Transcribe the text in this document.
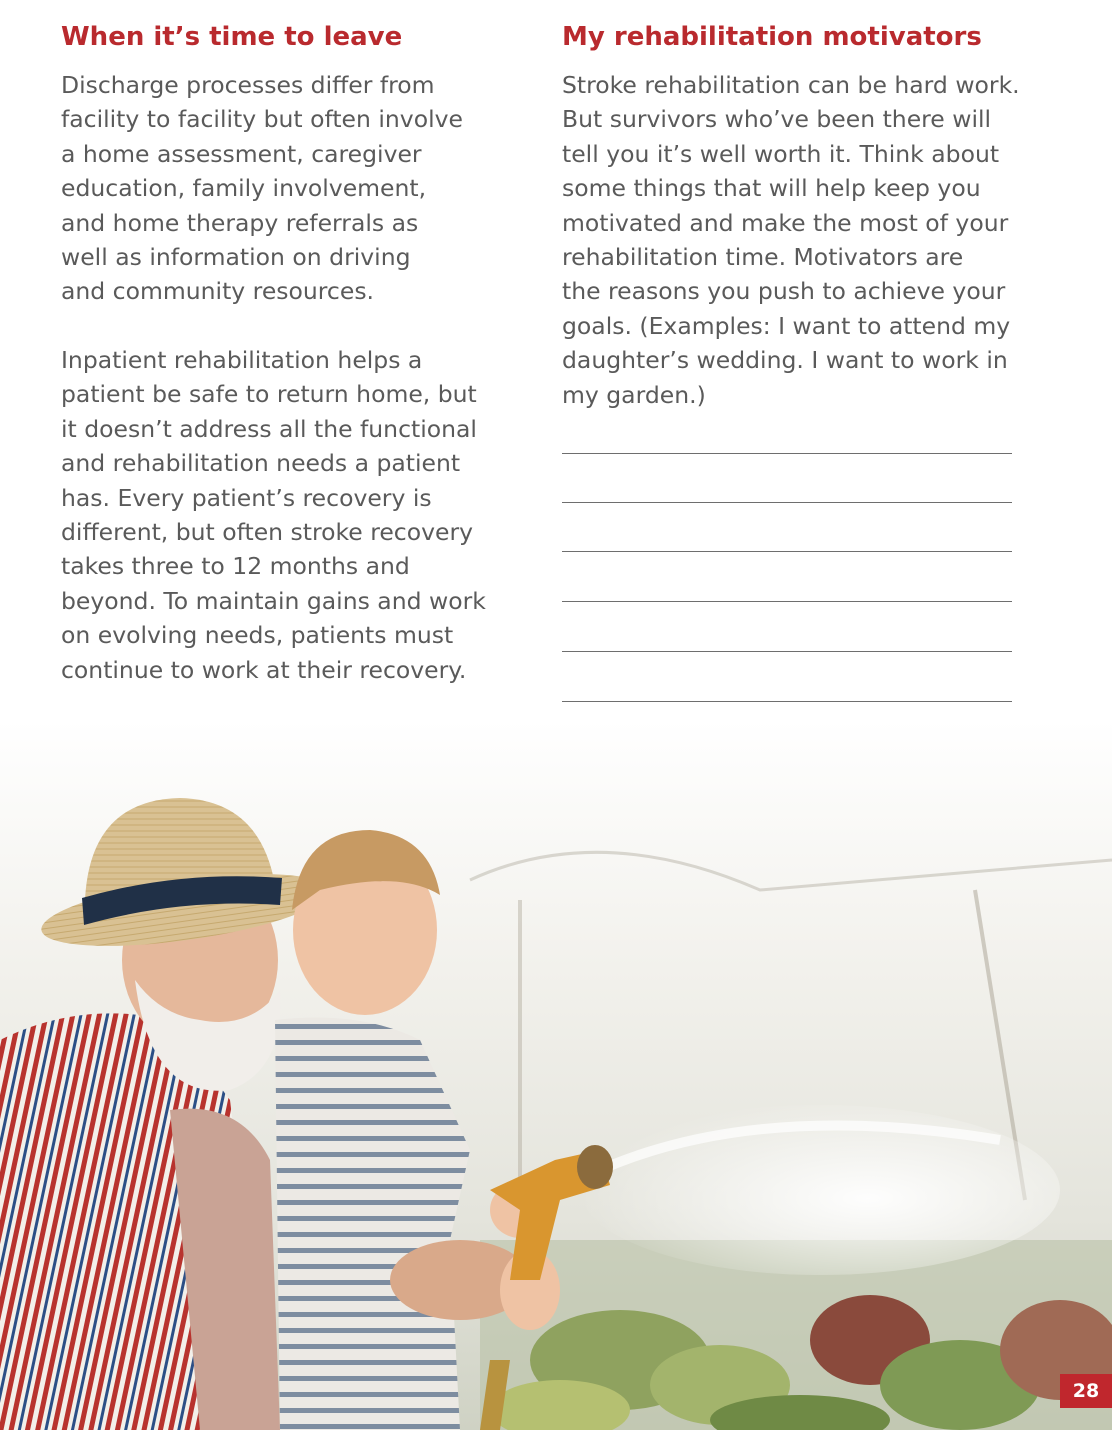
When it’s time to leave
Discharge processes differ from
facility to facility but often involve
a home assessment, caregiver
education, family involvement,
and home therapy referrals as
well as information on driving
and community resources.
Inpatient rehabilitation helps a
patient be safe to return home, but
it doesn’t address all the functional
and rehabilitation needs a patient
has. Every patient’s recovery is
different, but often stroke recovery
takes three to 12 months and
beyond. To maintain gains and work
on evolving needs, patients must
continue to work at their recovery.
My rehabilitation motivators
Stroke rehabilitation can be hard work.
But survivors who’ve been there will
tell you it’s well worth it. Think about
some things that will help keep you
motivated and make the most of your
rehabilitation time. Motivators are
the reasons you push to achieve your
goals. (Examples: I want to attend my
daughter’s wedding. I want to work in
my garden.)
28
